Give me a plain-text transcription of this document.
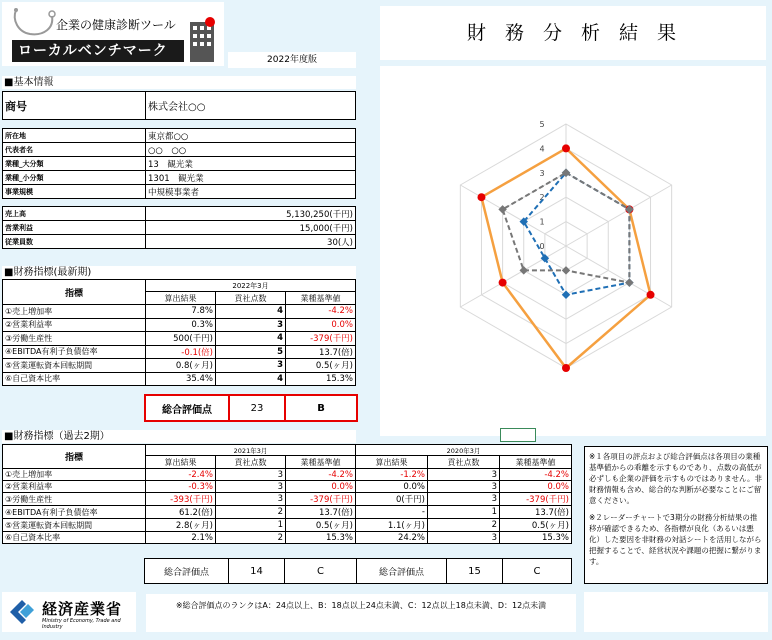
企業の健康診断ツール
ローカルベンチマーク
2022年度版
財務分析結果
0
1
2
3
4
5
■基本情報
商号	株式会社○○
所在地	東京都○○
代表者名	○○　○○
業種_大分類	13　観光業
業種_小分類	1301　観光業
事業規模	中規模事業者
売上高	5,130,250(千円)
営業利益	15,000(千円)
従業員数	30(人)
■財務指標(最新期)
指標	2022年3月		
	算出結果	貢社点数	業種基準値
①売上増加率	7.8%	4	-4.2%
②営業利益率	0.3%	3	0.0%
③労働生産性	500(千円)	4	-379(千円)
④EBITDA有利子負債倍率	-0.1(倍)	5	13.7(倍)
⑤営業運転資本回転期間	0.8(ヶ月)	3	0.5(ヶ月)
⑥自己資本比率	35.4%	4	15.3%
総合評価点	23	B
■財務指標（過去2期）
指標	2021年3月			2020年3月		
	算出結果	貢社点数	業種基準値	算出結果	貢社点数	業種基準値
①売上増加率	-2.4%	3	-4.2%	-1.2%	3	-4.2%
②営業利益率	-0.3%	3	0.0%	0.0%	3	0.0%
③労働生産性	-393(千円)	3	-379(千円)	0(千円)	3	-379(千円)
④EBITDA有利子負債倍率	61.2(倍)	2	13.7(倍)	-	1	13.7(倍)
⑤営業運転資本回転期間	2.8(ヶ月)	1	0.5(ヶ月)	1.1(ヶ月)	2	0.5(ヶ月)
⑥自己資本比率	2.1%	2	15.3%	24.2%	3	15.3%
総合評価点	14	C	総合評価点	15	C

※１各項目の評点および総合評価点は各項目の業種基準値からの乖離を示すものであり、点数の高低が必ずしも企業の評価を示すものではありません。非財務情報も含め、総合的な判断が必要なことにご留意ください。

※２レーダーチャートで3期分の財務分析結果の推移が確認できるため、各指標が良化（あるいは悪化）した要因を非財務の対話シートを活用しながら把握することで、経営状況や課題の把握に繋がります。

経済産業省
Ministry of Economy, Trade and Industry
※総合評価点のランクはA：24点以上、B：18点以上24点未満、C：12点以上18点未満、D：12点未満
